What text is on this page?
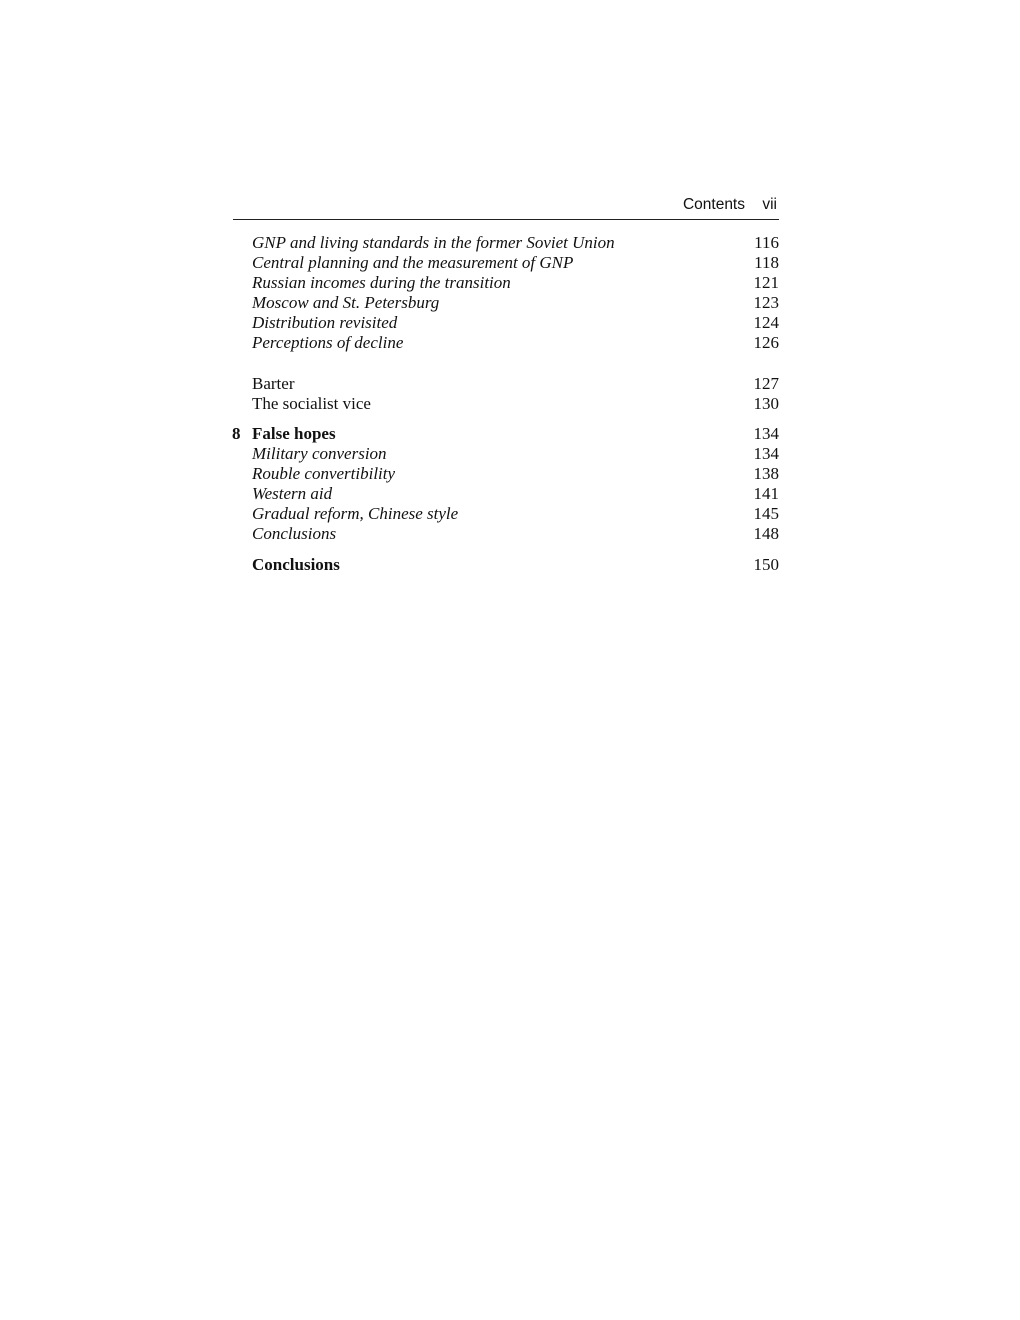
Contents vii
GNP and living standards in the former Soviet Union	116
Central planning and the measurement of GNP	118
Russian incomes during the transition	121
Moscow and St. Petersburg	123
Distribution revisited	124
Perceptions of decline	126
Barter	127
The socialist vice	130
8 False hopes	134
Military conversion	134
Rouble convertibility	138
Western aid	141
Gradual reform, Chinese style	145
Conclusions	148
Conclusions	150
